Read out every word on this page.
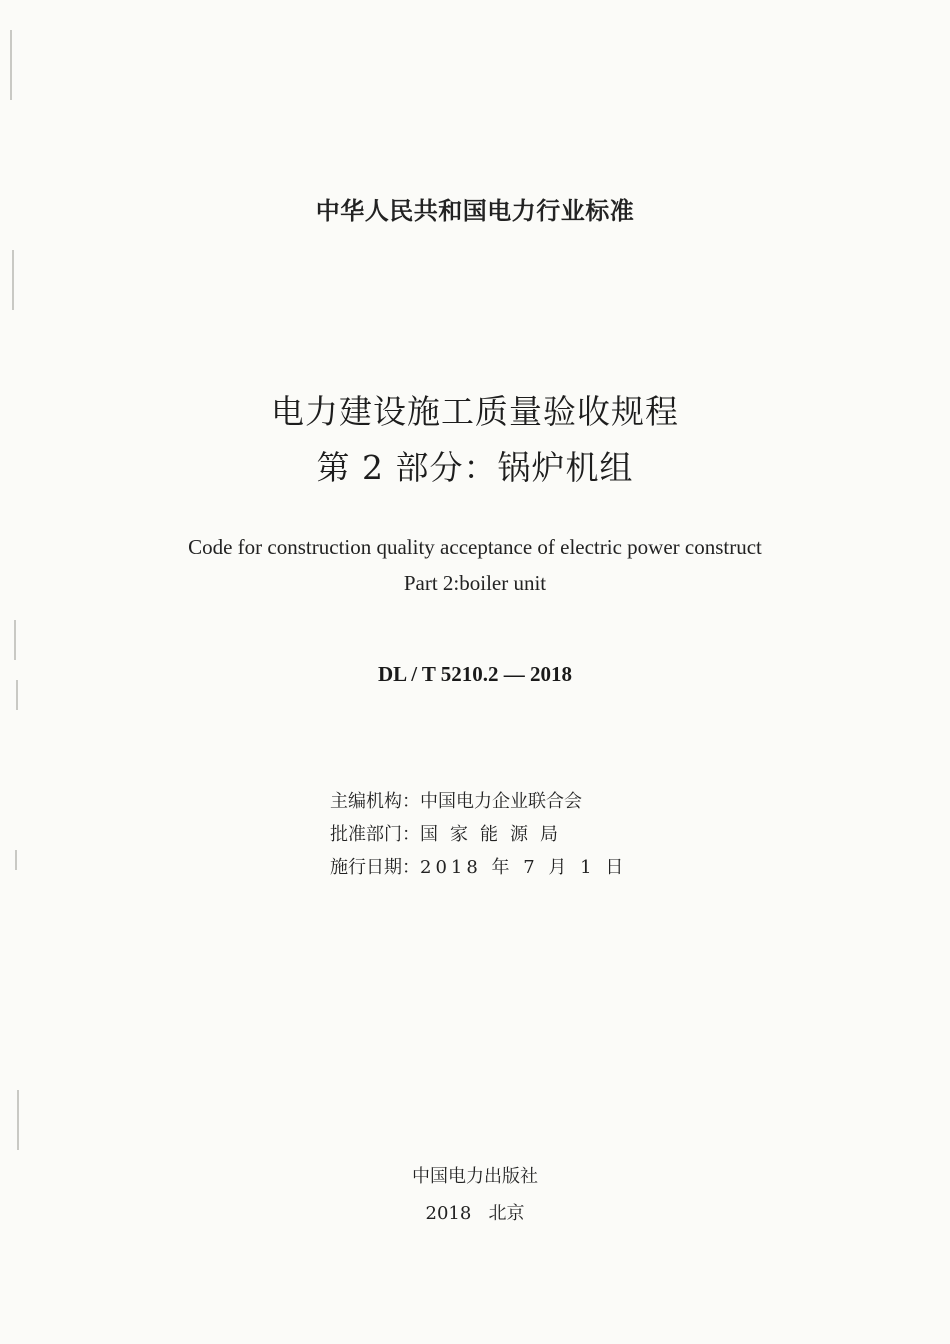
中华人民共和国电力行业标准
电力建设施工质量验收规程
第 2 部分：锅炉机组
Code for construction quality acceptance of electric power construct
Part 2:boiler unit
DL / T 5210.2 — 2018
主编机构：中国电力企业联合会
批准部门：国家能源局
施行日期：2018 年 7 月 1 日
中国电力出版社
2018   北京
